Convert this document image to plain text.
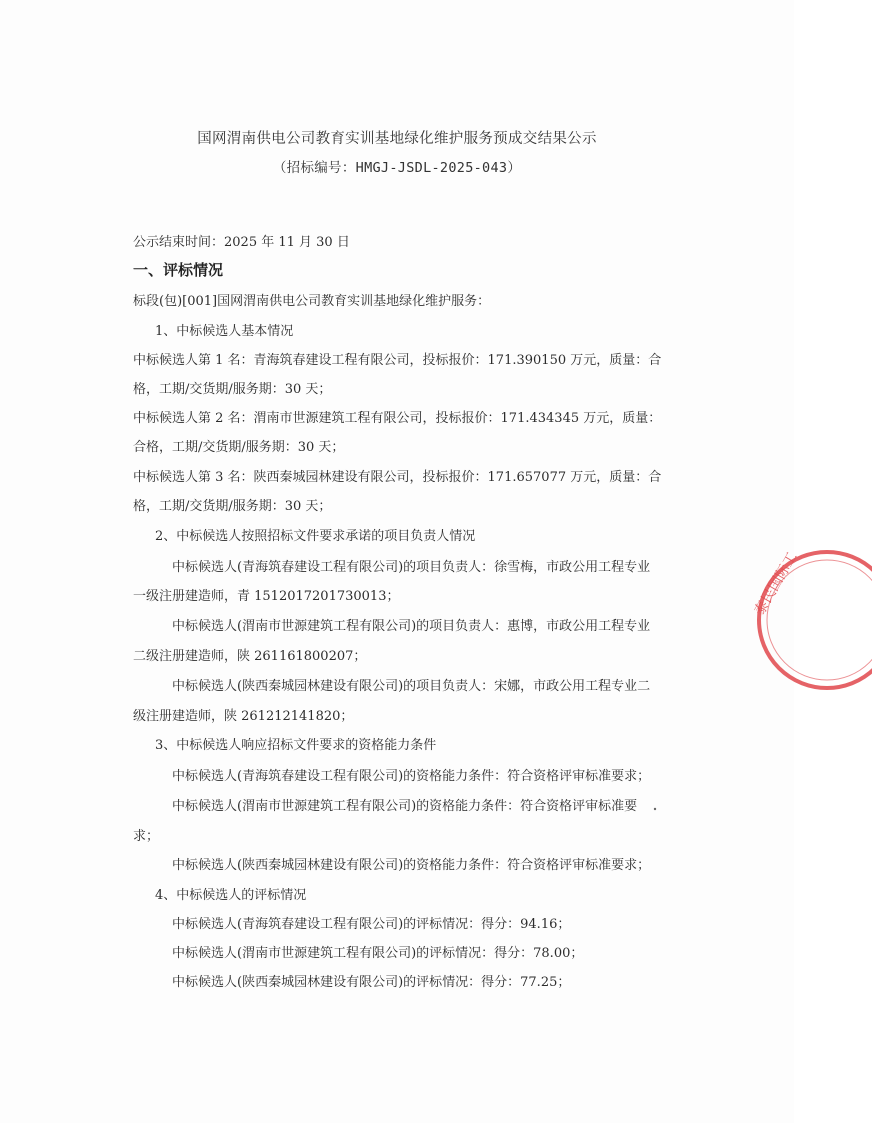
国网渭南供电公司教育实训基地绿化维护服务预成交结果公示
（招标编号：HMGJ-JSDL-2025-043）
公示结束时间：2025 年 11 月 30 日
一、评标情况
标段(包)[001]国网渭南供电公司教育实训基地绿化维护服务：
1、中标候选人基本情况
中标候选人第 1 名：青海筑春建设工程有限公司，投标报价：171.390150 万元，质量：合
格，工期/交货期/服务期：30 天；
中标候选人第 2 名：渭南市世源建筑工程有限公司，投标报价：171.434345 万元，质量：
合格，工期/交货期/服务期：30 天；
中标候选人第 3 名：陕西秦城园林建设有限公司，投标报价：171.657077 万元，质量：合
格，工期/交货期/服务期：30 天；
2、中标候选人按照招标文件要求承诺的项目负责人情况
中标候选人(青海筑春建设工程有限公司)的项目负责人：徐雪梅，市政公用工程专业
一级注册建造师，青 1512017201730013；
中标候选人(渭南市世源建筑工程有限公司)的项目负责人：惠博，市政公用工程专业
二级注册建造师，陕 261161800207；
中标候选人(陕西秦城园林建设有限公司)的项目负责人：宋娜，市政公用工程专业二
级注册建造师，陕 261212141820；
3、中标候选人响应招标文件要求的资格能力条件
中标候选人(青海筑春建设工程有限公司)的资格能力条件：符合资格评审标准要求；
中标候选人(渭南市世源建筑工程有限公司)的资格能力条件：符合资格评审标准要
求；
中标候选人(陕西秦城园林建设有限公司)的资格能力条件：符合资格评审标准要求；
4、中标候选人的评标情况
中标候选人(青海筑春建设工程有限公司)的评标情况：得分：94.16；
中标候选人(渭南市世源建筑工程有限公司)的评标情况：得分：78.00；
中标候选人(陕西秦城园林建设有限公司)的评标情况：得分：77.25；
泰民国际工
